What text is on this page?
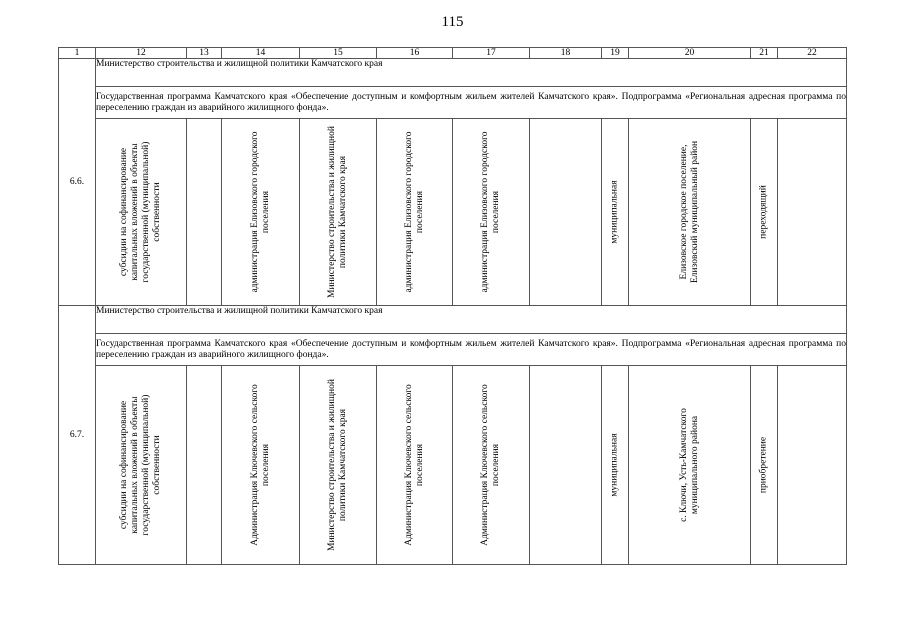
115
1	12	13	14	15	16	17	18	19	20	21	22
6.6.	Министерство строительства и жилищной политики Камчатского края										
	Государственная программа Камчатского края «Обеспечение доступным и комфортным жильем жителей Камчатского края». Подпрограмма «Региональная адресная программа по переселению граждан из аварийного жилищного фонда».										

	субсидии на софинансирование капитальных вложений в объекты государственной (муниципальной) собственности		администрация Елизовского городского поселения	Министерство строительства и жилищной политики Камчатского края	администрация Елизовского городского поселения	администрация Елизовского городского поселения		муниципальная	Елизовское городское поселение, Елизовский муниципальный район	переходящий	

6.7.	Министерство строительства и жилищной политики Камчатского края										
	Государственная программа Камчатского края «Обеспечение доступным и комфортным жильем жителей Камчатского края». Подпрограмма «Региональная адресная программа по переселению граждан из аварийного жилищного фонда».										

	субсидии на софинансирование капитальных вложений в объекты государственной (муниципальной) собственности		Администрация Ключевского сельского поселения	Министерство строительства и жилищной политики Камчатского края	Администрация Ключевского сельского поселения	Администрация Ключевского сельского поселения		муниципальная	с. Ключи, Усть-Камчатского муниципального района	приобретение	
